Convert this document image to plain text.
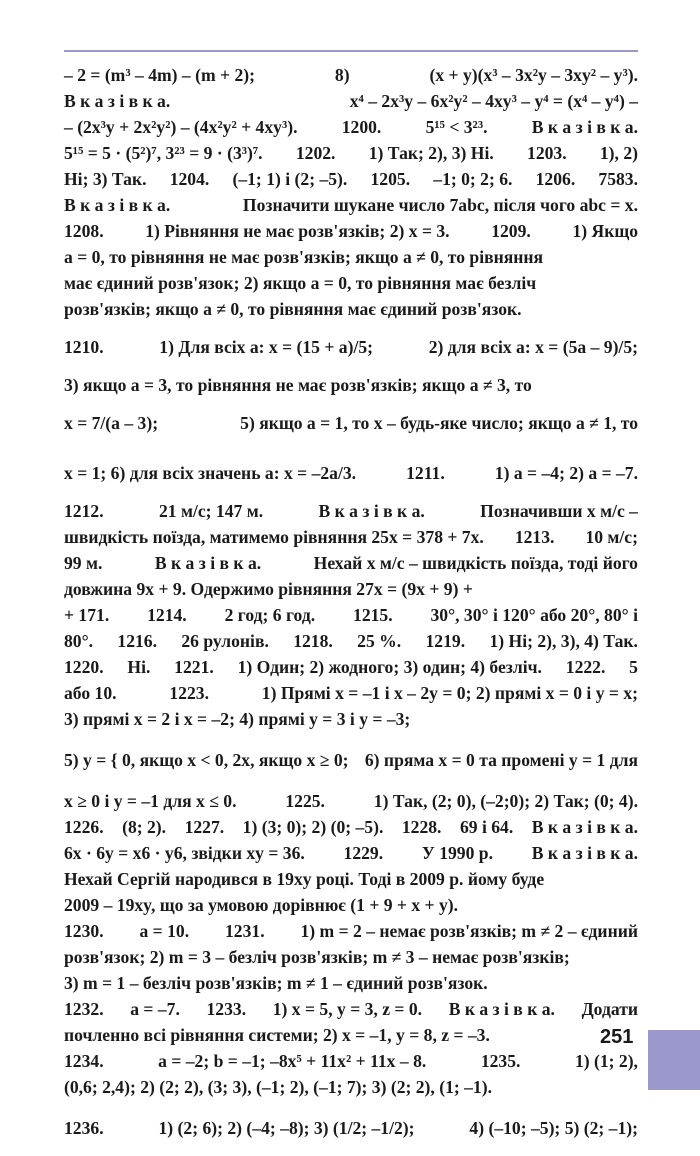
– 2 = (m³ – 4m) – (m + 2);	8)	(x + y)(x³ – 3x²y – 3xy² – y³).
В к а з і в к а.	x⁴ – 2x³y – 6x²y² – 4xy³ – y⁴ = (x⁴ – y⁴) –
– (2x³y + 2x²y²) – (4x²y² + 4xy³).	1200.	5¹⁵ < 3²³.	В к а з і в к а.
5¹⁵ = 5 · (5²)⁷, 3²³ = 9 · (3³)⁷. 1202. 1) Так; 2), 3) Ні. 1203. 1), 2)
Ні; 3) Так. 1204. (–1; 1) і (2; –5). 1205. –1; 0; 2; 6. 1206. 7583.
В к а з і в к а.	Позначити шукане число 7abc, після чого abc = x.
1208. 1) Рівняння не має розв'язків; 2) x = 3. 1209. 1) Якщо
a = 0, то рівняння не має розв'язків; якщо a ≠ 0, то рівняння
має єдиний розв'язок; 2) якщо a = 0, то рівняння має безліч
розв'язків; якщо a ≠ 0, то рівняння має єдиний розв'язок.
1210.	1) Для всіх a: x = (15 + a)/5;	2) для всіх a: x = (5a – 9)/5;
3) якщо a = 3, то рівняння не має розв'язків; якщо a ≠ 3, то
x = 7/(a – 3);	5) якщо a = 1, то x – будь-яке число; якщо a ≠ 1, то
x = 1; 6) для всіх значень a: x = –2a/3.	1211.	1) a = –4; 2) a = –7.
1212.	21 м/с; 147 м.	В к а з і в к а.	Позначивши x м/с –
швидкість поїзда, матимемо рівняння 25x = 378 + 7x. 1213. 10 м/с;
99 м.	В к а з і в к а.	Нехай x м/с – швидкість поїзда, тоді його
довжина 9x + 9. Одержимо рівняння 27x = (9x + 9) +
+ 171. 1214. 2 год; 6 год. 1215. 30°, 30° і 120° або 20°, 80° і
80°. 1216. 26 рулонів. 1218. 25 %. 1219. 1) Ні; 2), 3), 4) Так.
1220. Ні. 1221. 1) Один; 2) жодного; 3) один; 4) безліч. 1222. 5
або 10.	1223.	1) Прямі x = –1 і x – 2y = 0; 2) прямі x = 0 і y = x;
3) прямі x = 2 і x = –2; 4) прямі y = 3 і y = –3;
5) y = { 0, якщо x < 0, 2x, якщо x ≥ 0; 6) пряма x = 0 та промені y = 1 для
x ≥ 0 і y = –1 для x ≤ 0.	1225.	1) Так, (2; 0), (–2;0); 2) Так; (0; 4).
1226. (8; 2). 1227. 1) (3; 0); 2) (0; –5). 1228. 69 і 64. В к а з і в к а.
6x · 6y = x6 · y6, звідки xy = 36. 1229. У 1990 р. В к а з і в к а.
Нехай Сергій народився в 19xy році. Тоді в 2009 р. йому буде
2009 – 19xy, що за умовою дорівнює (1 + 9 + x + y).
1230. a = 10. 1231. 1) m = 2 – немає розв'язків; m ≠ 2 – єдиний
розв'язок; 2) m = 3 – безліч розв'язків; m ≠ 3 – немає розв'язків;
3) m = 1 – безліч розв'язків; m ≠ 1 – єдиний розв'язок.
1232. a = –7. 1233. 1) x = 5, y = 3, z = 0. В к а з і в к а. Додати
почленно всі рівняння системи; 2) x = –1, y = 8, z = –3.
1234.	a = –2; b = –1; –8x⁵ + 11x² + 11x – 8.	1235.	1) (1; 2),
(0,6; 2,4); 2) (2; 2), (3; 3), (–1; 2), (–1; 7); 3) (2; 2), (1; –1).
1236.	1) (2; 6); 2) (–4; –8); 3) (1/2; –1/2);	4) (–10; –5); 5) (2; –1);
251
